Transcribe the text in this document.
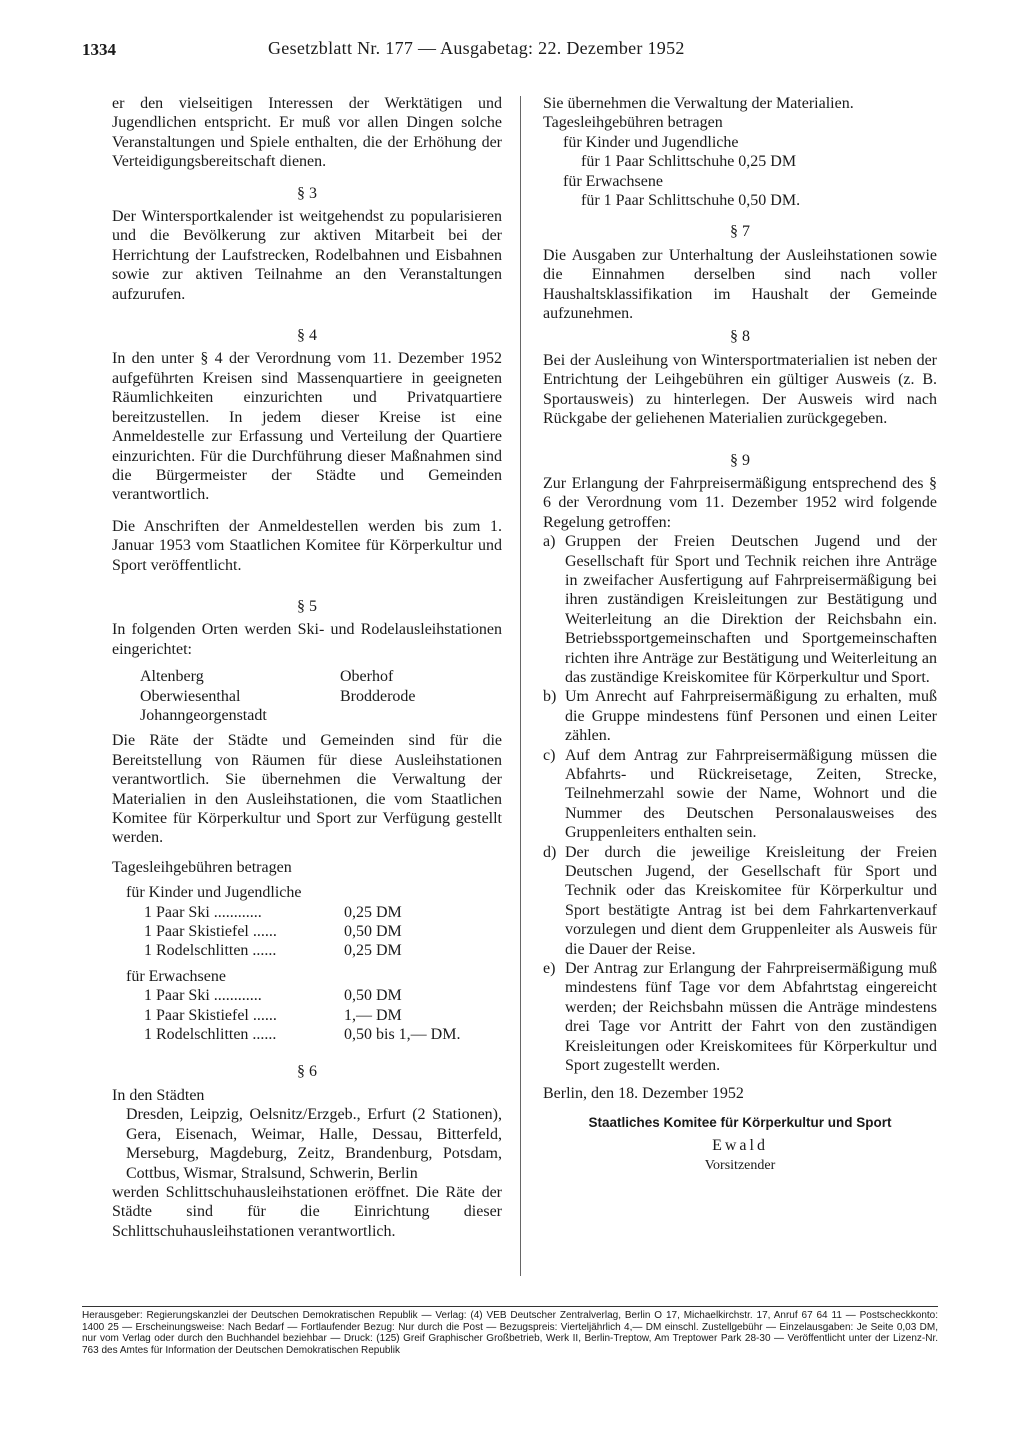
1334	Gesetzblatt Nr. 177 — Ausgabetag: 22. Dezember 1952

er den vielseitigen Interessen der Werktätigen und Jugendlichen entspricht. Er muß vor allen Dingen solche Veranstaltungen und Spiele enthalten, die der Erhöhung der Verteidigungsbereitschaft dienen.

§ 3

Der Wintersportkalender ist weitgehendst zu popularisieren und die Bevölkerung zur aktiven Mitarbeit bei der Herrichtung der Laufstrecken, Rodelbahnen und Eisbahnen sowie zur aktiven Teilnahme an den Veranstaltungen aufzurufen.

§ 4

In den unter § 4 der Verordnung vom 11. Dezember 1952 aufgeführten Kreisen sind Massenquartiere in geeigneten Räumlichkeiten einzurichten und Privatquartiere bereitzustellen. In jedem dieser Kreise ist eine Anmeldestelle zur Erfassung und Verteilung der Quartiere einzurichten. Für die Durchführung dieser Maßnahmen sind die Bürgermeister der Städte und Gemeinden verantwortlich.

Die Anschriften der Anmeldestellen werden bis zum 1. Januar 1953 vom Staatlichen Komitee für Körperkultur und Sport veröffentlicht.

§ 5

In folgenden Orten werden Ski- und Rodelausleihstationen eingerichtet:

Altenberg	Oberhof
Oberwiesenthal	Brodderode
Johanngeorgenstadt

Die Räte der Städte und Gemeinden sind für die Bereitstellung von Räumen für diese Ausleihstationen verantwortlich. Sie übernehmen die Verwaltung der Materialien in den Ausleihstationen, die vom Staatlichen Komitee für Körperkultur und Sport zur Verfügung gestellt werden.

Tagesleihgebühren betragen

für Kinder und Jugendliche

1 Paar Ski ............	0,25 DM
1 Paar Skistiefel ......	0,50 DM
1 Rodelschlitten ......	0,25 DM

für Erwachsene

1 Paar Ski ............	0,50 DM
1 Paar Skistiefel ......	1,— DM
1 Rodelschlitten ......	0,50 bis 1,— DM.

§ 6

In den Städten

Dresden, Leipzig, Oelsnitz/Erzgeb., Erfurt (2 Stationen), Gera, Eisenach, Weimar, Halle, Dessau, Bitterfeld, Merseburg, Magdeburg, Zeitz, Brandenburg, Potsdam, Cottbus, Wismar, Stralsund, Schwerin, Berlin

werden Schlittschuhausleihstationen eröffnet. Die Räte der Städte sind für die Einrichtung dieser Schlittschuhausleihstationen verantwortlich.

Sie übernehmen die Verwaltung der Materialien.

Tagesleihgebühren betragen

für Kinder und Jugendliche

für 1 Paar Schlittschuhe 0,25 DM

für Erwachsene

für 1 Paar Schlittschuhe 0,50 DM.

§ 7

Die Ausgaben zur Unterhaltung der Ausleihstationen sowie die Einnahmen derselben sind nach voller Haushaltsklassifikation im Haushalt der Gemeinde aufzunehmen.

§ 8

Bei der Ausleihung von Wintersportmaterialien ist neben der Entrichtung der Leihgebühren ein gültiger Ausweis (z. B. Sportausweis) zu hinterlegen. Der Ausweis wird nach Rückgabe der geliehenen Materialien zurückgegeben.

§ 9

Zur Erlangung der Fahrpreisermäßigung entsprechend des § 6 der Verordnung vom 11. Dezember 1952 wird folgende Regelung getroffen:

a) Gruppen der Freien Deutschen Jugend und der Gesellschaft für Sport und Technik reichen ihre Anträge in zweifacher Ausfertigung auf Fahrpreisermäßigung bei ihren zuständigen Kreisleitungen zur Bestätigung und Weiterleitung an die Direktion der Reichsbahn ein. Betriebssportgemeinschaften und Sportgemeinschaften richten ihre Anträge zur Bestätigung und Weiterleitung an das zuständige Kreiskomitee für Körperkultur und Sport.
b) Um Anrecht auf Fahrpreisermäßigung zu erhalten, muß die Gruppe mindestens fünf Personen und einen Leiter zählen.
c) Auf dem Antrag zur Fahrpreisermäßigung müssen die Abfahrts- und Rückreisetage, Zeiten, Strecke, Teilnehmerzahl sowie der Name, Wohnort und die Nummer des Deutschen Personalausweises des Gruppenleiters enthalten sein.
d) Der durch die jeweilige Kreisleitung der Freien Deutschen Jugend, der Gesellschaft für Sport und Technik oder das Kreiskomitee für Körperkultur und Sport bestätigte Antrag ist bei dem Fahrkartenverkauf vorzulegen und dient dem Gruppenleiter als Ausweis für die Dauer der Reise.
e) Der Antrag zur Erlangung der Fahrpreisermäßigung muß mindestens fünf Tage vor dem Abfahrtstag eingereicht werden; der Reichsbahn müssen die Anträge mindestens drei Tage vor Antritt der Fahrt von den zuständigen Kreisleitungen oder Kreiskomitees für Körperkultur und Sport zugestellt werden.

Berlin, den 18. Dezember 1952

Staatliches Komitee für Körperkultur und Sport

Ewald

Vorsitzender

Herausgeber: Regierungskanzlei der Deutschen Demokratischen Republik — Verlag: (4) VEB Deutscher Zentralverlag, Berlin O 17, Michaelkirchstr. 17, Anruf 67 64 11 — Postscheckkonto: 1400 25 — Erscheinungsweise: Nach Bedarf — Fortlaufender Bezug: Nur durch die Post — Bezugspreis: Vierteljährlich 4,— DM einschl. Zustellgebühr — Einzelausgaben: Je Seite 0,03 DM, nur vom Verlag oder durch den Buchhandel beziehbar — Druck: (125) Greif Graphischer Großbetrieb, Werk II, Berlin-Treptow, Am Treptower Park 28-30 — Veröffentlicht unter der Lizenz-Nr. 763 des Amtes für Information der Deutschen Demokratischen Republik
